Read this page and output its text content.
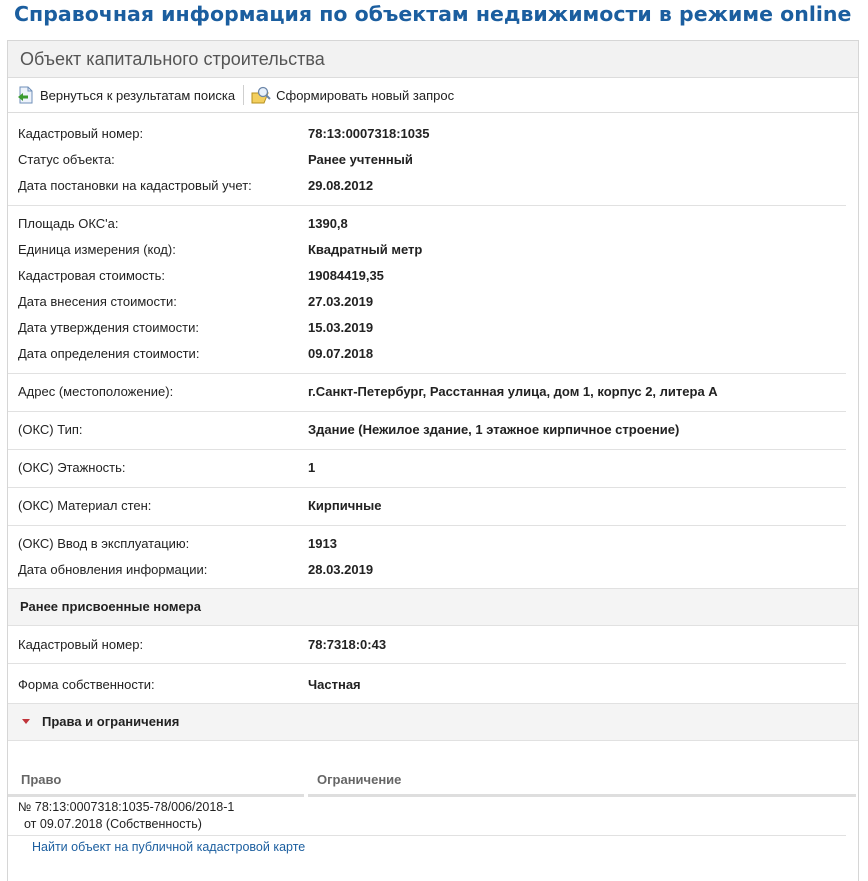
Справочная информация по объектам недвижимости в режиме online
Объект капитального строительства
Вернуться к результатам поиска	Сформировать новый запрос
Кадастровый номер:	78:13:0007318:1035
Статус объекта:	Ранее учтенный
Дата постановки на кадастровый учет:	29.08.2012
Площадь ОКС'а:	1390,8
Единица измерения (код):	Квадратный метр
Кадастровая стоимость:	19084419,35
Дата внесения стоимости:	27.03.2019
Дата утверждения стоимости:	15.03.2019
Дата определения стоимости:	09.07.2018
Адрес (местоположение):	г.Санкт-Петербург, Расстанная улица, дом 1, корпус 2, литера А
(ОКС) Тип:	Здание (Нежилое здание, 1 этажное кирпичное строение)
(ОКС) Этажность:	1
(ОКС) Материал стен:	Кирпичные
(ОКС) Ввод в эксплуатацию:	1913
Дата обновления информации:	28.03.2019
Ранее присвоенные номера
Кадастровый номер:	78:7318:0:43
Форма собственности:	Частная
Права и ограничения
Право	Ограничение
№ 78:13:0007318:1035-78/006/2018-1
от 09.07.2018 (Собственность)
Найти объект на публичной кадастровой карте
